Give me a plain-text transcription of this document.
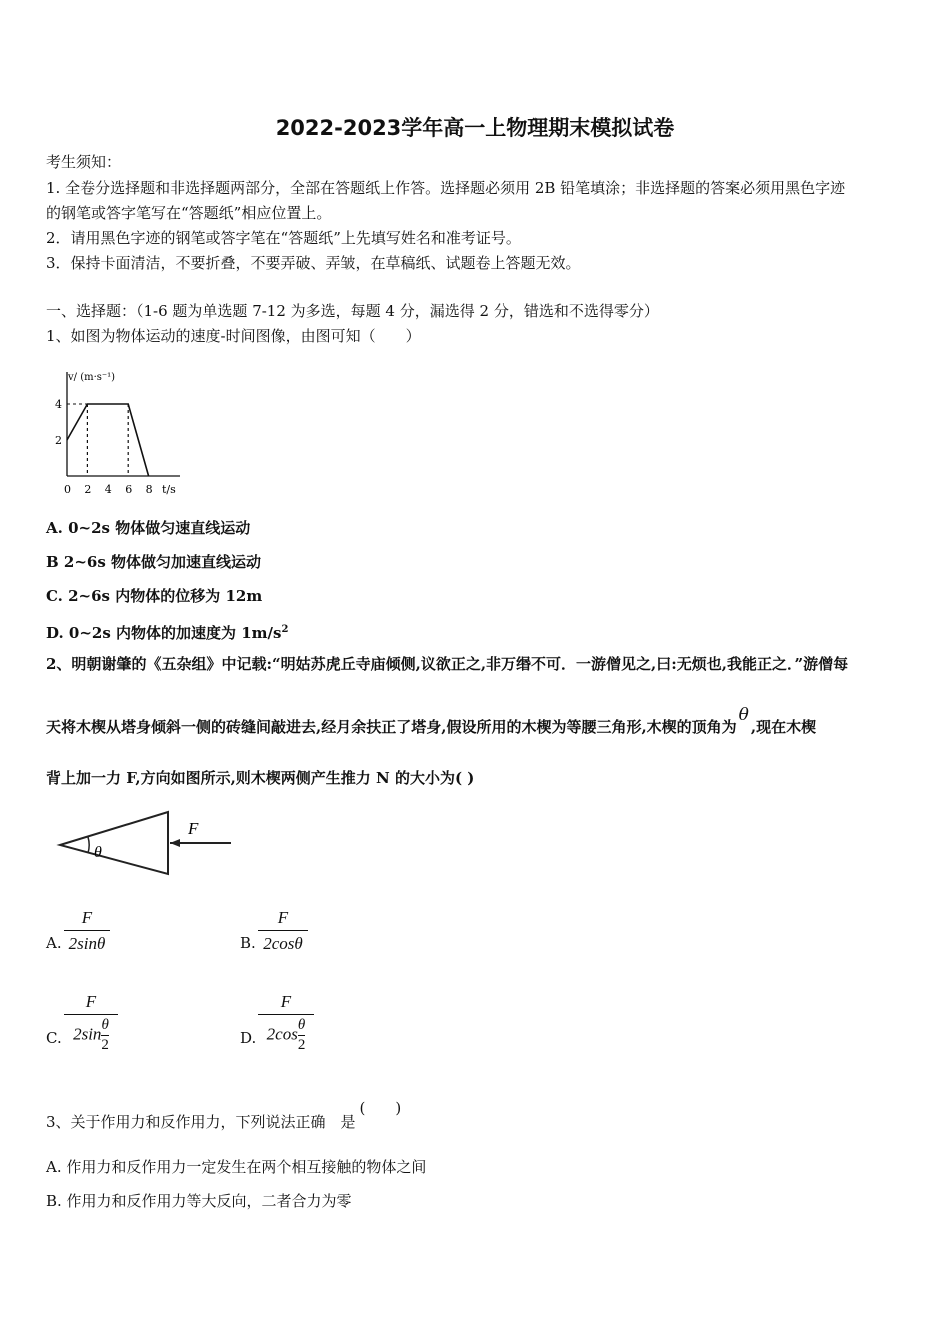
2022-2023学年高一上物理期末模拟试卷
考生须知：
1. 全卷分选择题和非选择题两部分，全部在答题纸上作答。选择题必须用 2B 铅笔填涂；非选择题的答案必须用黑色字迹
的钢笔或答字笔写在“答题纸”相应位置上。
2．请用黑色字迹的钢笔或答字笔在“答题纸”上先填写姓名和准考证号。
3．保持卡面清洁，不要折叠，不要弄破、弄皱，在草稿纸、试题卷上答题无效。
一、选择题：（1-6 题为单选题 7-12 为多选，每题 4 分，漏选得 2 分，错选和不选得零分）
1、如图为物体运动的速度-时间图像，由图可知（　　）
v/ (m·s⁻¹)
t/s
0 2 4 6 8
2
4
A. 0~2s 物体做匀速直线运动
B 2~6s 物体做匀加速直线运动
C. 2~6s 内物体的位移为 12m
D. 0~2s 内物体的加速度为 $1m/s^2$
2、明朝谢肇的《五杂组》中记载:“明姑苏虎丘寺庙倾侧,议欲正之,非万缗不可．一游僧见之,曰:无烦也,我能正之．”游僧每
天将木楔从塔身倾斜一侧的砖缝间敲进去,经月余扶正了塔身,假设所用的木楔为等腰三角形,木楔的顶角为θ,现在木楔
背上加一力 F,方向如图所示,则木楔两侧产生推力 N 的大小为( )
θ
F
A.
F
2sinθ	B.
F
2cosθ
C.
F
$2\sin \frac{\theta}{2}$	D.
F
$2\cos \frac{\theta}{2}$
3、关于作用力和反作用力，下列说法正确　是(　　)
A. 作用力和反作用力一定发生在两个相互接触的物体之间
B. 作用力和反作用力等大反向，二者合力为零
